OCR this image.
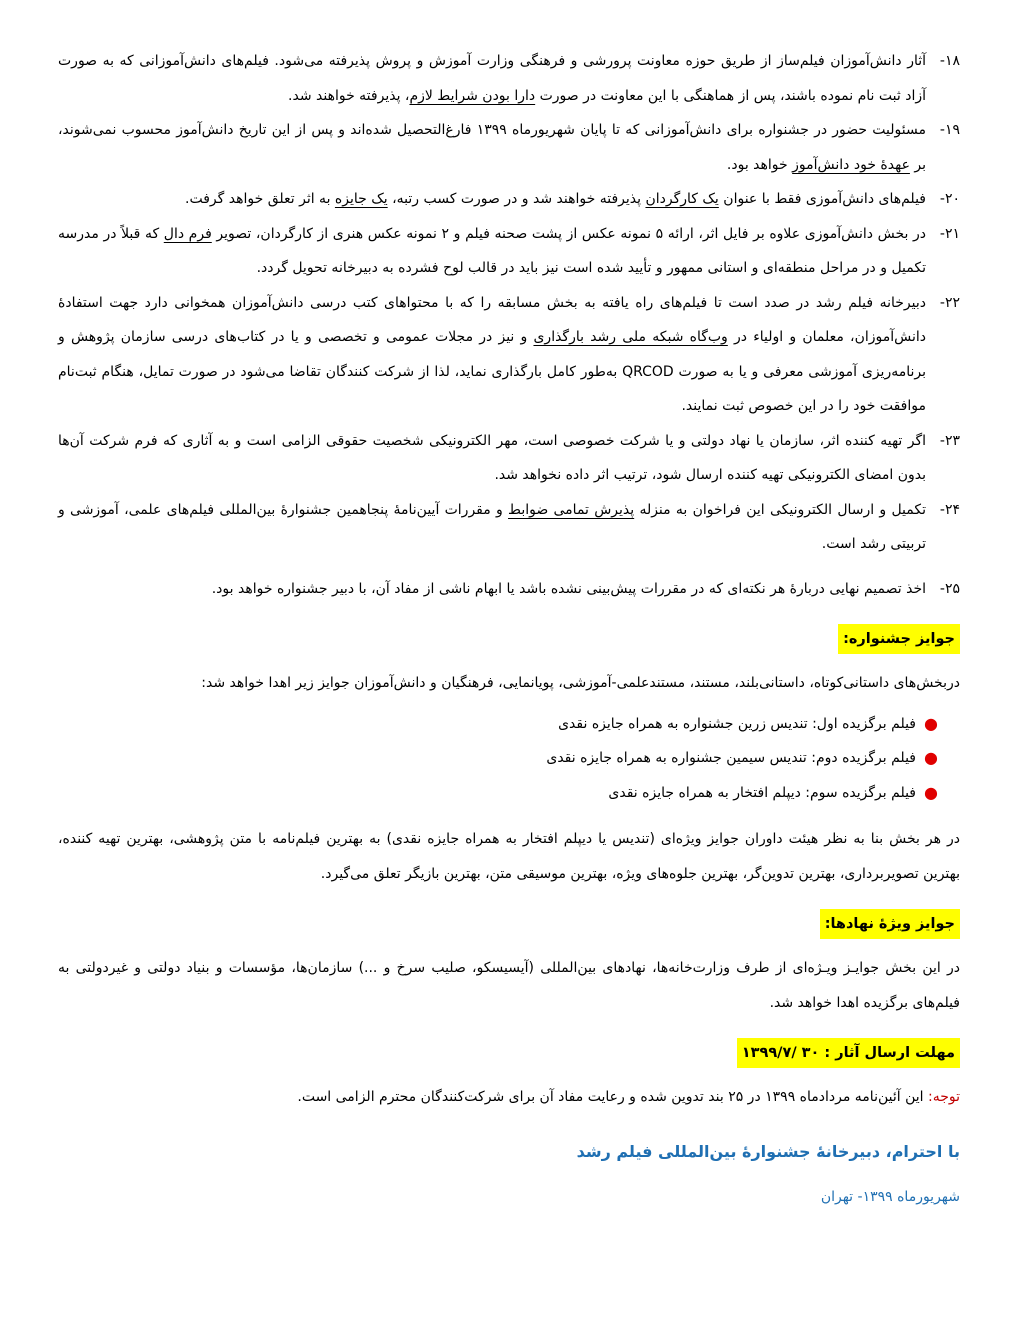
۱۸-
آثار دانش‌آموزان فیلم‌ساز از طریق حوزه معاونت پرورشی و فرهنگی وزارت آموزش و پروش پذیرفته می‌شود. فیلم‌های دانش‌آموزانی که به صورت آزاد ثبت نام نموده باشند، پس از هماهنگی با این معاونت در صورت دارا بودن شرایط لازم، پذیرفته خواهند شد.
۱۹-
مسئولیت حضور در جشنواره برای دانش‌آموزانی که تا پایان شهریورماه ۱۳۹۹ فارغ‌التحصیل شده‌اند و پس از این تاریخ دانش‌آموز محسوب نمی‌شوند، بر عهدهٔ خود دانش‌آموز خواهد بود.
۲۰-
فیلم‌های دانش‌آموزی فقط با عنوان یک کارگردان پذیرفته خواهند شد و در صورت کسب رتبه، یک جایزه به اثر تعلق خواهد گرفت.
۲۱-
در بخش دانش‌آموزی علاوه بر فایل اثر، ارائه ۵ نمونه عکس از پشت صحنه فیلم و ۲ نمونه عکس هنری از کارگردان، تصویر فرم دال که قبلاً در مدرسه تکمیل و در مراحل منطقه‌ای و استانی ممهور و تأیید شده است نیز باید در قالب لوح فشرده به دبیرخانه تحویل گردد.
۲۲-
دبیرخانه فیلم رشد در صدد است تا فیلم‌های راه یافته به بخش مسابقه را که با محتواهای کتب درسی دانش‌آموزان همخوانی دارد جهت استفادهٔ دانش‌آموزان، معلمان و اولیاء در وب‌گاه شبکه ملی رشد بارگذاری و نیز در مجلات عمومی و تخصصی و یا در کتاب‌های درسی سازمان پژوهش و برنامه‌ریزی آموزشی معرفی و یا به صورت QRCOD به‌طور کامل بارگذاری نماید، لذا از شرکت کنندگان تقاضا می‌شود در صورت تمایل، هنگام ثبت‌نام موافقت خود را در این خصوص ثبت نمایند.
۲۳-
اگر تهیه کننده اثر، سازمان یا نهاد دولتی و یا شرکت خصوصی است، مهر الکترونیکی شخصیت حقوقی الزامی است و به آثاری که فرم شرکت آن‌ها بدون امضای الکترونیکی تهیه کننده ارسال شود، ترتیب اثر داده نخواهد شد.
۲۴-
تکمیل و ارسال الکترونیکی این فراخوان به منزله پذیرش تمامی ضوابط و مقررات آیین‌نامهٔ پنجاهمین جشنوارهٔ بین‌المللی فیلم‌های علمی، آموزشی و تربیتی رشد است.
۲۵-
اخذ تصمیم نهایی دربارهٔ هر نکته‌ای که در مقررات پیش‌بینی نشده باشد یا ابهام ناشی از مفاد آن، با دبیر جشنواره خواهد بود.
جوایز جشنواره:

دربخش‌های داستانی‌کوتاه، داستانی‌بلند، مستند، مستندعلمی-آموزشی، پویانمایی، فرهنگیان و دانش‌آموزان جوایز زیر اهدا خواهد شد:

●
فیلم برگزیده اول: تندیس زرین جشنواره به همراه جایزه نقدی
●
فیلم برگزیده دوم: تندیس سیمین جشنواره به همراه جایزه نقدی
●
فیلم برگزیده سوم: دیپلم افتخار به همراه جایزه نقدی

در هر بخش بنا به نظر هیئت داوران جوایز ویژه‌ای (تندیس یا دیپلم افتخار به همراه جایزه نقدی) به بهترین فیلم‌نامه با متن پژوهشی، بهترین تهیه کننده، بهترین تصویربرداری، بهترین تدوین‌گر، بهترین جلوه‌های ویژه، بهترین موسیقی متن، بهترین بازیگر تعلق می‌گیرد.

جوایز ویژهٔ نهادها:

در این بخش جوایـز ویـژه‌ای از طرف وزارت‌خانه‌ها، نهادهای بین‌المللی (آیسیسکو، صلیب سرخ و ...) سازمان‌ها، مؤسسات و بنیاد دولتی و غیردولتی به فیلم‌های برگزیده اهدا خواهد شد.

مهلت ارسال آثار : ۳۰ /۱۳۹۹/۷

توجه: این آئین‌نامه مردادماه ۱۳۹۹ در ۲۵ بند تدوین شده و رعایت مفاد آن برای شرکت‌کنندگان محترم الزامی است.

با احترام، دبیرخانهٔ جشنوارهٔ بین‌المللی فیلم رشد
شهریورماه ۱۳۹۹- تهران
